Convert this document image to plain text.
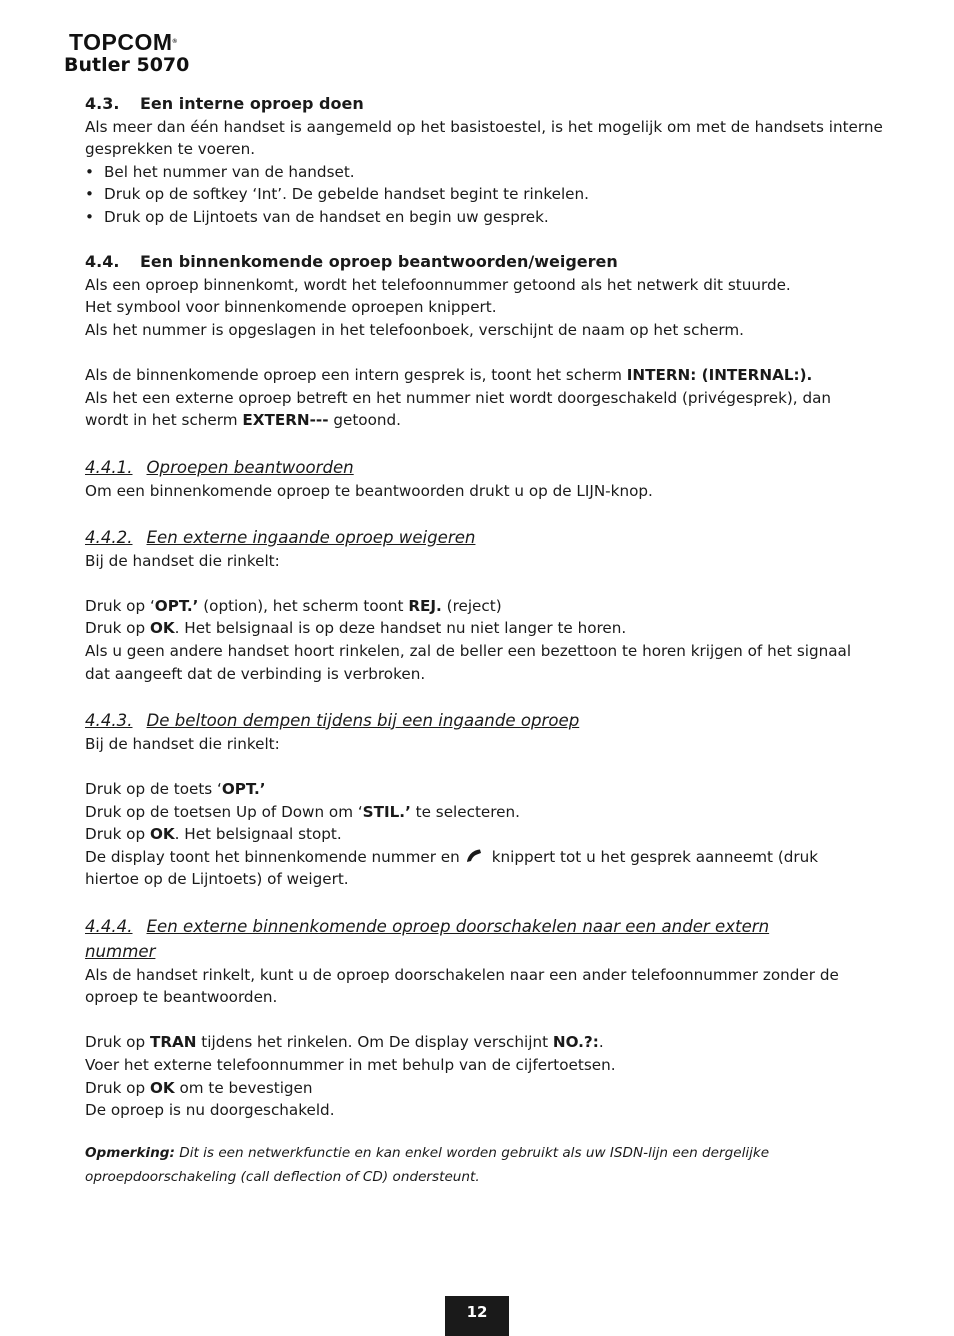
TOPCOM®
Butler 5070

4.3. Een interne oproep doen

Als meer dan één handset is aangemeld op het basistoestel, is het mogelijk om met de handsets interne

gesprekken te voeren.

• Bel het nummer van de handset.

• Druk op de softkey ‘Int’. De gebelde handset begint te rinkelen.

• Druk op de Lijntoets van de handset en begin uw gesprek.

4.4. Een binnenkomende oproep beantwoorden/weigeren

Als een oproep binnenkomt, wordt het telefoonnummer getoond als het netwerk dit stuurde.

Het symbool voor binnenkomende oproepen knippert.

Als het nummer is opgeslagen in het telefoonboek, verschijnt de naam op het scherm.

Als de binnenkomende oproep een intern gesprek is, toont het scherm INTERN: (INTERNAL:).

Als het een externe oproep betreft en het nummer niet wordt doorgeschakeld (privégesprek), dan

wordt in het scherm EXTERN--- getoond.

4.4.1. Oproepen beantwoorden

Om een binnenkomende oproep te beantwoorden drukt u op de LIJN-knop.

4.4.2. Een externe ingaande oproep weigeren

Bij de handset die rinkelt:

Druk op ‘OPT.’ (option), het scherm toont REJ. (reject)

Druk op OK. Het belsignaal is op deze handset nu niet langer te horen.

Als u geen andere handset hoort rinkelen, zal de beller een bezettoon te horen krijgen of het signaal

dat aangeeft dat de verbinding is verbroken.

4.4.3. De beltoon dempen tijdens bij een ingaande oproep

Bij de handset die rinkelt:

Druk op de toets ‘OPT.’

Druk op de toetsen Up of Down om ‘STIL.’ te selecteren.

Druk op OK. Het belsignaal stopt.

De display toont het binnenkomende nummer en knippert tot u het gesprek aanneemt (druk

hiertoe op de Lijntoets) of weigert.

4.4.4. Een externe binnenkomende oproep doorschakelen naar een ander extern

nummer

Als de handset rinkelt, kunt u de oproep doorschakelen naar een ander telefoonnummer zonder de

oproep te beantwoorden.

Druk op TRAN tijdens het rinkelen. Om De display verschijnt NO.?:.

Voer het externe telefoonnummer in met behulp van de cijfertoetsen.

Druk op OK om te bevestigen

De oproep is nu doorgeschakeld.

Opmerking: Dit is een netwerkfunctie en kan enkel worden gebruikt als uw ISDN-lijn een dergelijke

oproepdoorschakeling (call deflection of CD) ondersteunt.

12
